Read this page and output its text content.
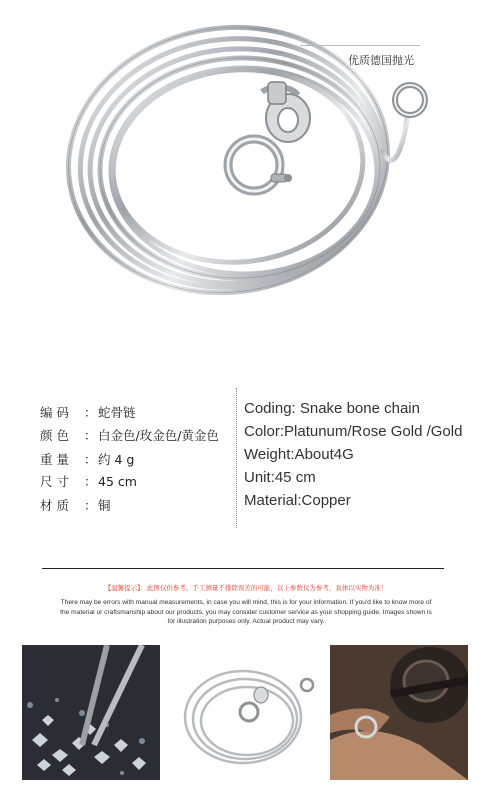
优质德国抛光
编 码 ：蛇骨链
颜 色 ：白金色/玫金色/黄金色
重 量 ：约 4 g
尺 寸 ：45 cm
材 质 ：铜
Coding: Snake bone chain
Color:Platunum/Rose Gold /Gold
Weight:About4G
Unit:45 cm
Material:Copper
【温馨提示】：此图仅供参考。手工测量不排除误差的可能，以上参数仅为参考，具体以实物为准！
There may be errors with manual measurements, in case you will mind, this is for your information. If you'd like to know more of the material or craftsmanship about our products, you may consider customer service as your shopping guide. Images shown is for illustration purposes only. Actual product may vary.
